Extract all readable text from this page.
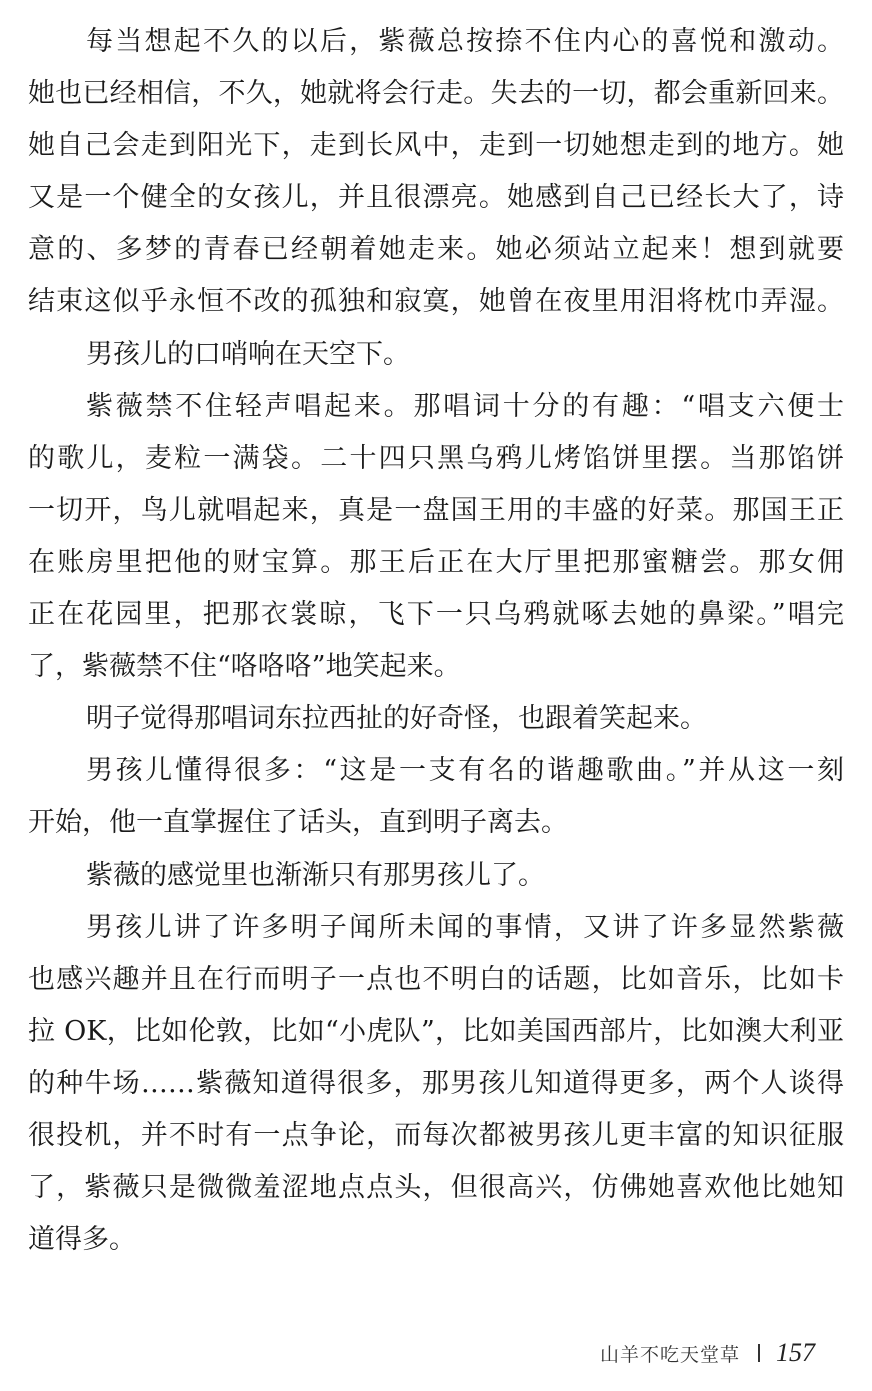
每当想起不久的以后，紫薇总按捺不住内心的喜悦和激动。
她也已经相信，不久，她就将会行走。失去的一切，都会重新回来。
她自己会走到阳光下，走到长风中，走到一切她想走到的地方。她
又是一个健全的女孩儿，并且很漂亮。她感到自己已经长大了，诗
意的、多梦的青春已经朝着她走来。她必须站立起来！想到就要
结束这似乎永恒不改的孤独和寂寞，她曾在夜里用泪将枕巾弄湿。
男孩儿的口哨响在天空下。
紫薇禁不住轻声唱起来。那唱词十分的有趣：“唱支六便士
的歌儿，麦粒一满袋。二十四只黑乌鸦儿烤馅饼里摆。当那馅饼
一切开，鸟儿就唱起来，真是一盘国王用的丰盛的好菜。那国王正
在账房里把他的财宝算。那王后正在大厅里把那蜜糖尝。那女佣
正在花园里，把那衣裳晾，飞下一只乌鸦就啄去她的鼻梁。”唱完
了，紫薇禁不住“咯咯咯”地笑起来。
明子觉得那唱词东拉西扯的好奇怪，也跟着笑起来。
男孩儿懂得很多：“这是一支有名的谐趣歌曲。”并从这一刻
开始，他一直掌握住了话头，直到明子离去。
紫薇的感觉里也渐渐只有那男孩儿了。
男孩儿讲了许多明子闻所未闻的事情，又讲了许多显然紫薇
也感兴趣并且在行而明子一点也不明白的话题，比如音乐，比如卡
拉 OK，比如伦敦，比如“小虎队”，比如美国西部片，比如澳大利亚
的种牛场……紫薇知道得很多，那男孩儿知道得更多，两个人谈得
很投机，并不时有一点争论，而每次都被男孩儿更丰富的知识征服
了，紫薇只是微微羞涩地点点头，但很高兴，仿佛她喜欢他比她知
道得多。
山羊不吃天堂草 157
